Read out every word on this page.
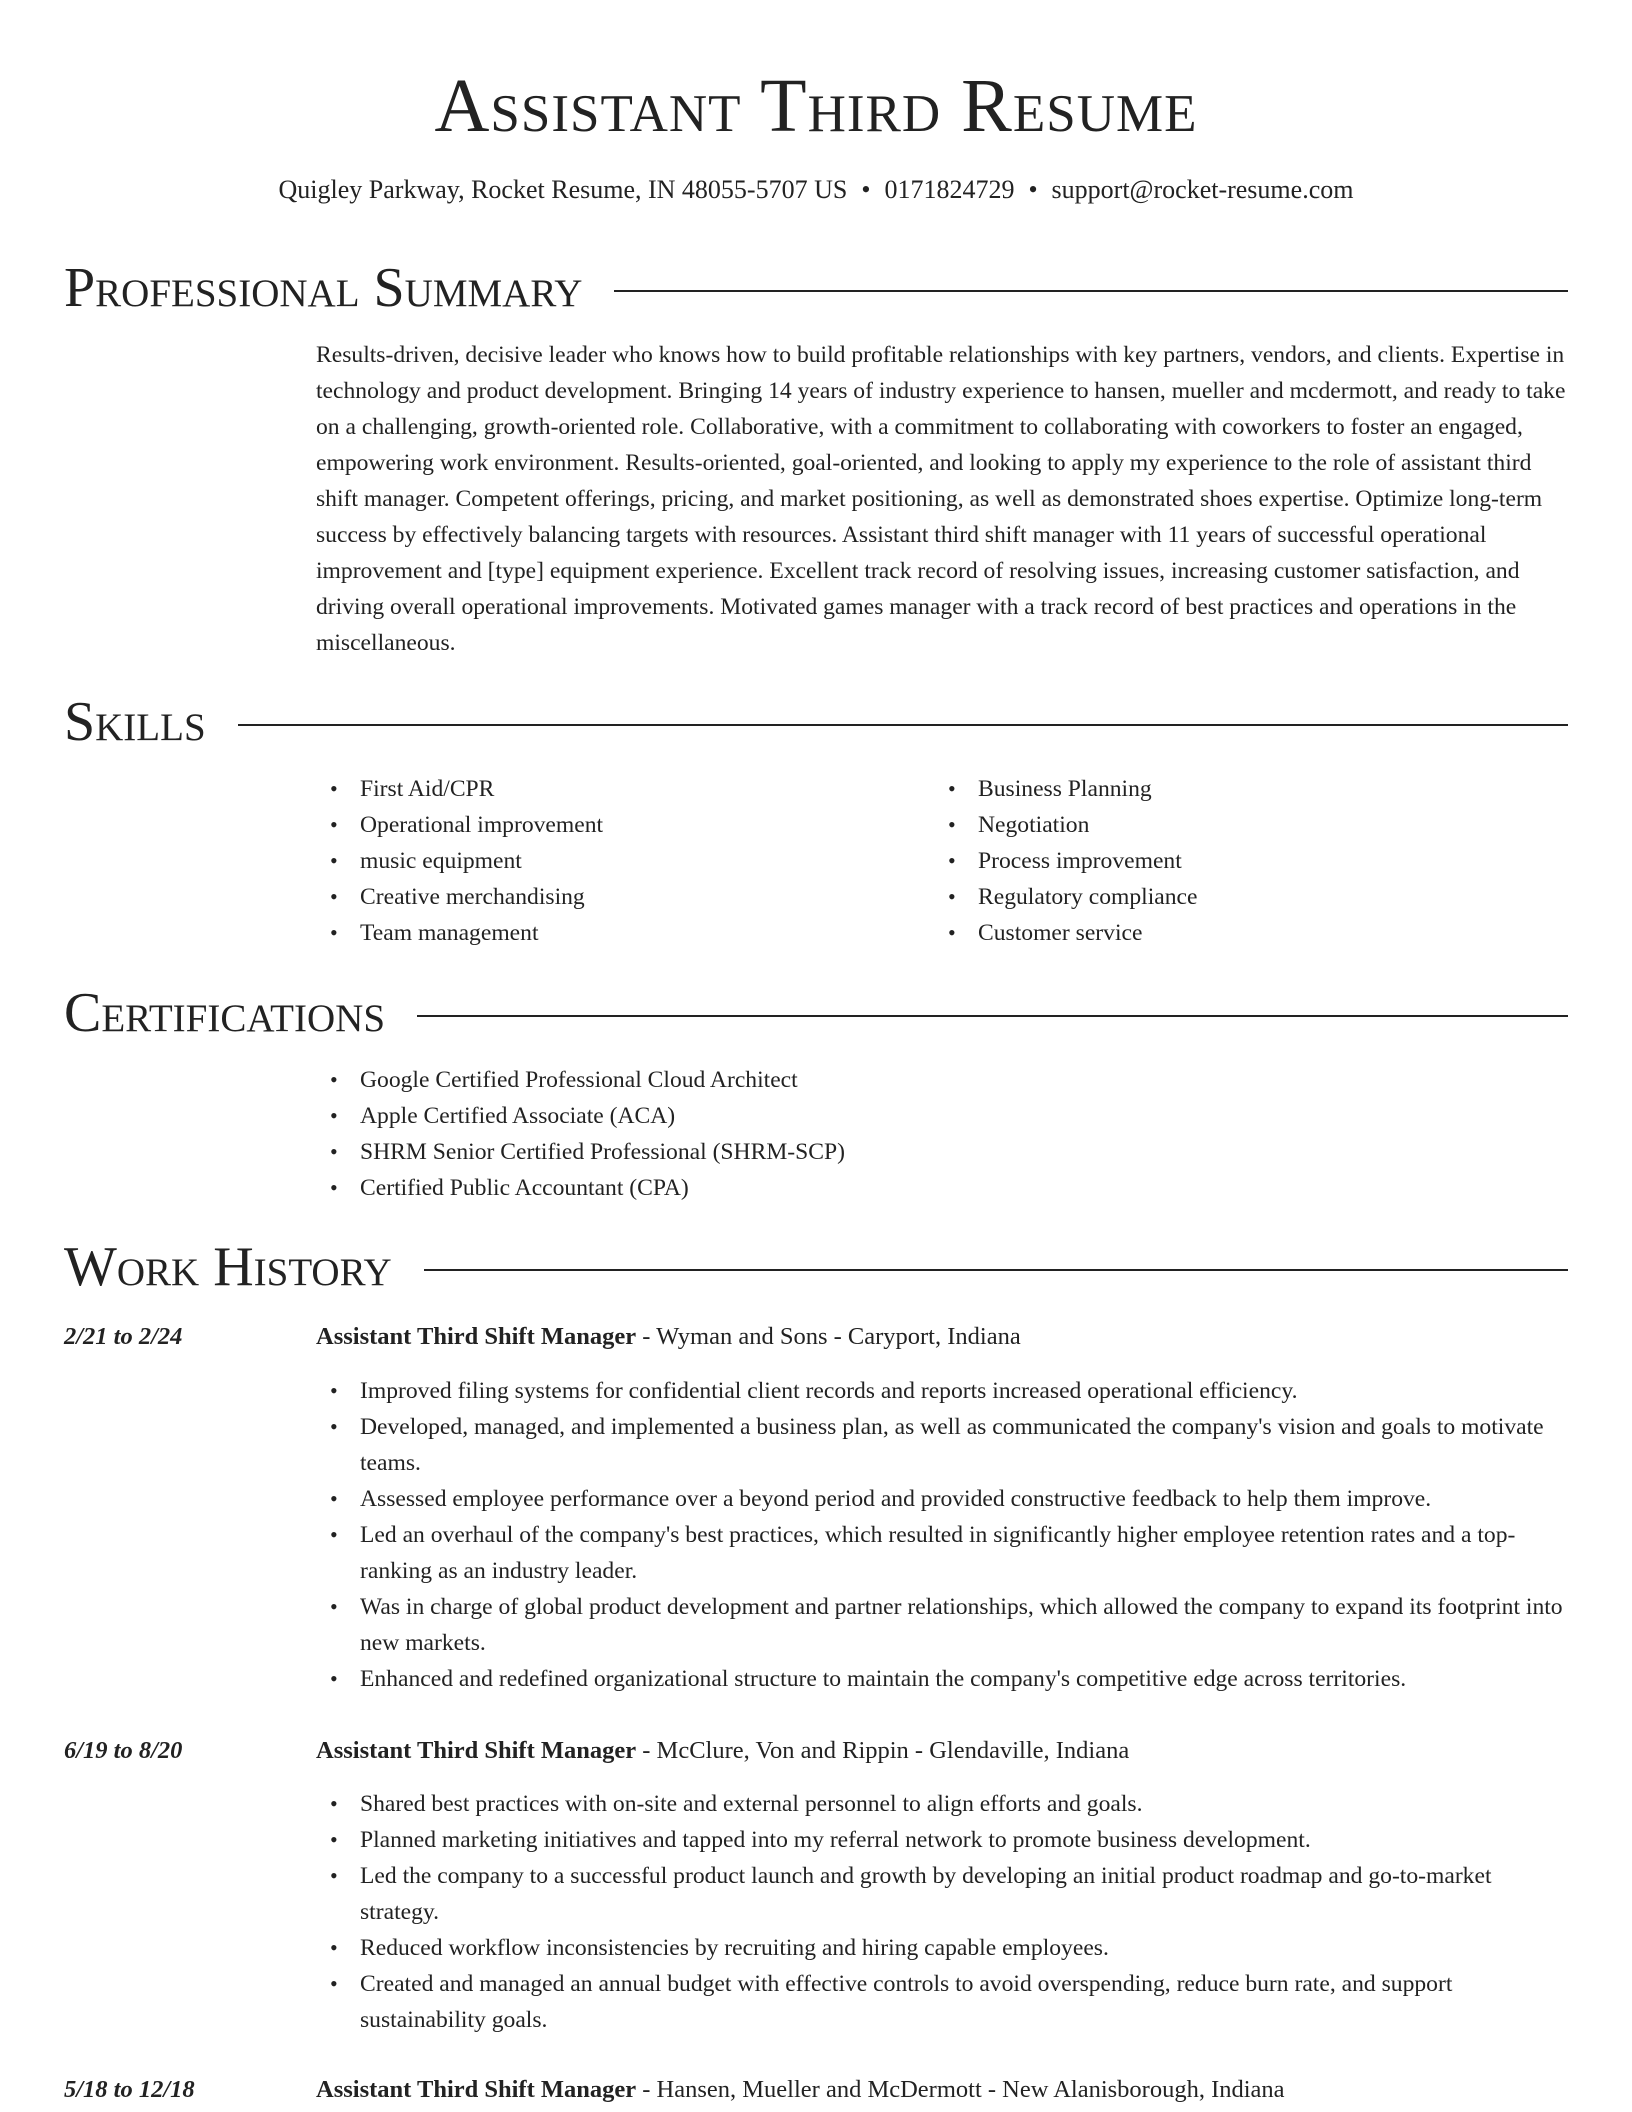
Assistant Third Resume

Quigley Parkway, Rocket Resume, IN 48055-5707 US • 0171824729 • support@rocket-resume.com

Professional Summary

Results-driven, decisive leader who knows how to build profitable relationships with key partners, vendors, and clients. Expertise in technology and product development. Bringing 14 years of industry experience to hansen, mueller and mcdermott, and ready to take on a challenging, growth-oriented role. Collaborative, with a commitment to collaborating with coworkers to foster an engaged, empowering work environment. Results-oriented, goal-oriented, and looking to apply my experience to the role of assistant third shift manager. Competent offerings, pricing, and market positioning, as well as demonstrated shoes expertise. Optimize long-term success by effectively balancing targets with resources. Assistant third shift manager with 11 years of successful operational improvement and [type] equipment experience. Excellent track record of resolving issues, increasing customer satisfaction, and driving overall operational improvements. Motivated games manager with a track record of best practices and operations in the miscellaneous.

Skills
• First Aid/CPR
• Operational improvement
• music equipment
• Creative merchandising
• Team management
• Business Planning
• Negotiation
• Process improvement
• Regulatory compliance
• Customer service
Certifications
• Google Certified Professional Cloud Architect
• Apple Certified Associate (ACA)
• SHRM Senior Certified Professional (SHRM-SCP)
• Certified Public Accountant (CPA)
Work History
2/21 to 2/24	Assistant Third Shift Manager - Wyman and Sons - Caryport, Indiana
• Improved filing systems for confidential client records and reports increased operational efficiency.
• Developed, managed, and implemented a business plan, as well as communicated the company's vision and goals to motivate teams.
• Assessed employee performance over a beyond period and provided constructive feedback to help them improve.
• Led an overhaul of the company's best practices, which resulted in significantly higher employee retention rates and a top-ranking as an industry leader.
• Was in charge of global product development and partner relationships, which allowed the company to expand its footprint into new markets.
• Enhanced and redefined organizational structure to maintain the company's competitive edge across territories.
6/19 to 8/20	Assistant Third Shift Manager - McClure, Von and Rippin - Glendaville, Indiana
• Shared best practices with on-site and external personnel to align efforts and goals.
• Planned marketing initiatives and tapped into my referral network to promote business development.
• Led the company to a successful product launch and growth by developing an initial product roadmap and go-to-market strategy.
• Reduced workflow inconsistencies by recruiting and hiring capable employees.
• Created and managed an annual budget with effective controls to avoid overspending, reduce burn rate, and support sustainability goals.
5/18 to 12/18	Assistant Third Shift Manager - Hansen, Mueller and McDermott - New Alanisborough, Indiana
